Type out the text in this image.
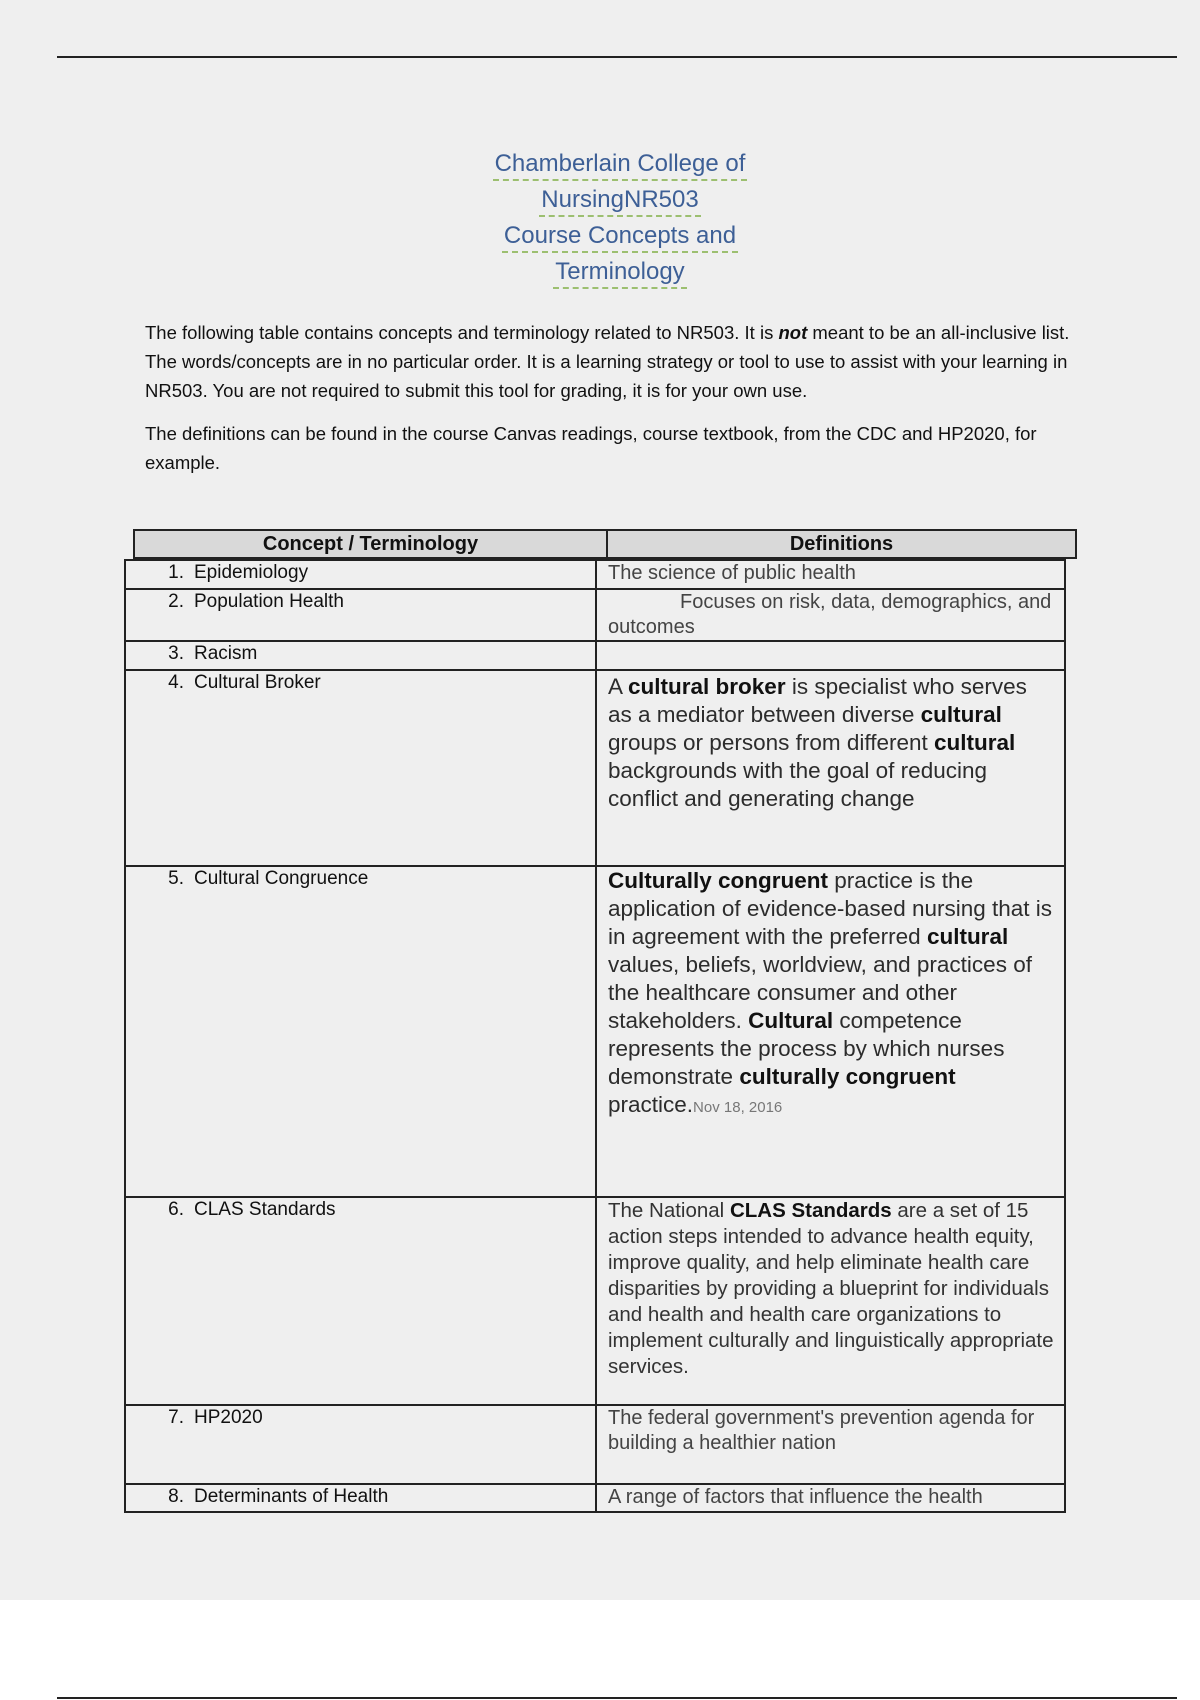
Chamberlain College of
NursingNR503
Course Concepts and
Terminology

The following table contains concepts and terminology related to NR503. It is not meant to be an all-inclusive list. The words/concepts are in no particular order. It is a learning strategy or tool to use to assist with your learning in NR503. You are not required to submit this tool for grading, it is for your own use.

The definitions can be found in the course Canvas readings, course textbook, from the CDC and HP2020, for example.

Concept / Terminology	Definitions
1. Epidemiology	The science of public health
2. Population Health	Focuses on risk, data, demographics, and outcomes

3. Racism	
4. Cultural Broker	A cultural broker is specialist who serves as a mediator between diverse cultural groups or persons from different cultural backgrounds with the goal of reducing conflict and generating change
5. Cultural Congruence	Culturally congruent practice is the application of evidence-based nursing that is in agreement with the preferred cultural values, beliefs, worldview, and practices of the healthcare consumer and other stakeholders. Cultural competence represents the process by which nurses demonstrate culturally congruent practice.Nov 18, 2016
6. CLAS Standards	The National CLAS Standards are a set of 15 action steps intended to advance health equity, improve quality, and help eliminate health care disparities by providing a blueprint for individuals and health and health care organizations to implement culturally and linguistically appropriate services.
7. HP2020	The federal government's prevention agenda for building a healthier nation
8. Determinants of Health	A range of factors that influence the health
